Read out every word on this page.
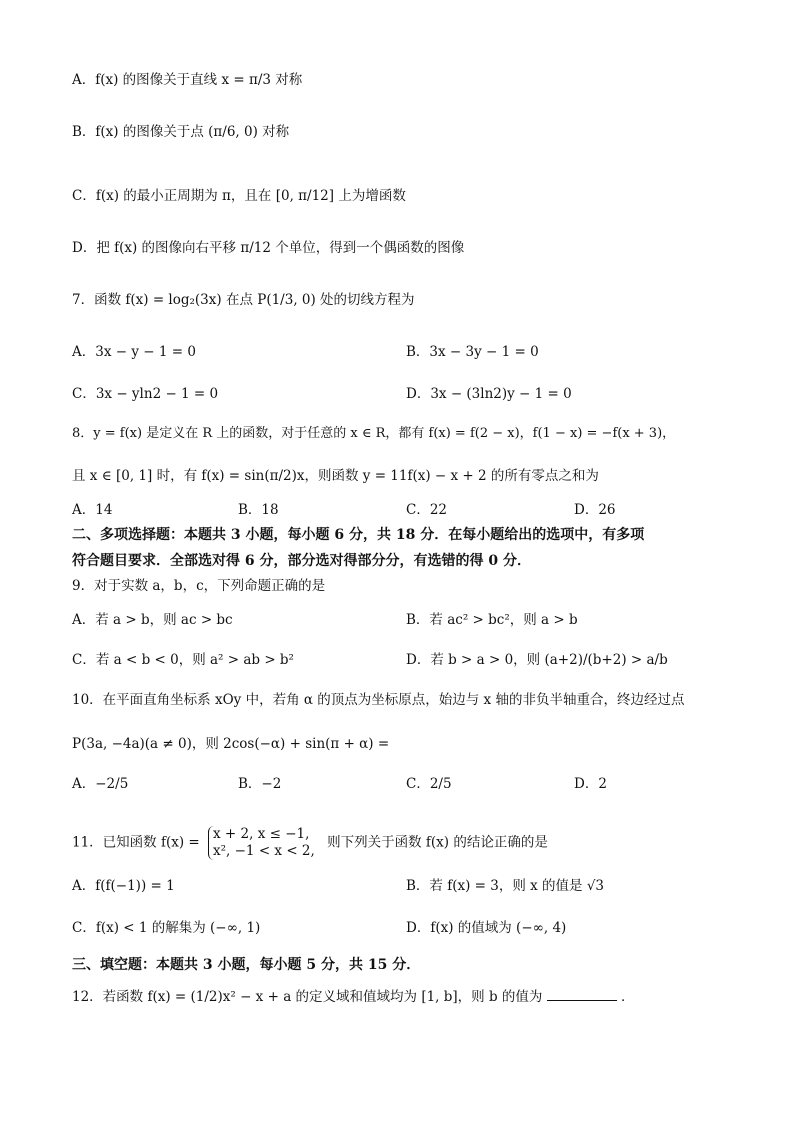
A．f(x) 的图像关于直线 x = π/3 对称
B．f(x) 的图像关于点 (π/6, 0) 对称
C．f(x) 的最小正周期为 π，且在 [0, π/12] 上为增函数
D．把 f(x) 的图像向右平移 π/12 个单位，得到一个偶函数的图像
7．函数 f(x) = log₂(3x) 在点 P(1/3, 0) 处的切线方程为
A．3x − y − 1 = 0	B．3x − 3y − 1 = 0
C．3x − yln2 − 1 = 0	D．3x − (3ln2)y − 1 = 0
8．y = f(x) 是定义在 R 上的函数，对于任意的 x ∈ R，都有 f(x) = f(2 − x)，f(1 − x) = −f(x + 3)，
且 x ∈ [0, 1] 时，有 f(x) = sin(π/2)x，则函数 y = 11f(x) − x + 2 的所有零点之和为
A．14	B．18	C．22	D．26
二、多项选择题：本题共 3 小题，每小题 6 分，共 18 分．在每小题给出的选项中，有多项
符合题目要求．全部选对得 6 分，部分选对得部分分，有选错的得 0 分．
9．对于实数 a，b，c，下列命题正确的是
A．若 a > b，则 ac > bc	B．若 ac² > bc²，则 a > b
C．若 a < b < 0，则 a² > ab > b²	D．若 b > a > 0，则 (a+2)/(b+2) > a/b
10．在平面直角坐标系 xOy 中，若角 α 的顶点为坐标原点，始边与 x 轴的非负半轴重合，终边经过点
P(3a, −4a)(a ≠ 0)，则 2cos(−α) + sin(π + α) =
A．−2/5	B．−2	C．2/5	D．2
11．已知函数 f(x) =
x + 2, x ≤ −1,
x², −1 < x < 2,
则下列关于函数 f(x) 的结论正确的是
A．f(f(−1)) = 1	B．若 f(x) = 3，则 x 的值是 √3
C．f(x) < 1 的解集为 (−∞, 1)	D．f(x) 的值域为 (−∞, 4)
三、填空题：本题共 3 小题，每小题 5 分，共 15 分．
12．若函数 f(x) = (1/2)x² − x + a 的定义域和值域均为 [1, b]，则 b 的值为	．
